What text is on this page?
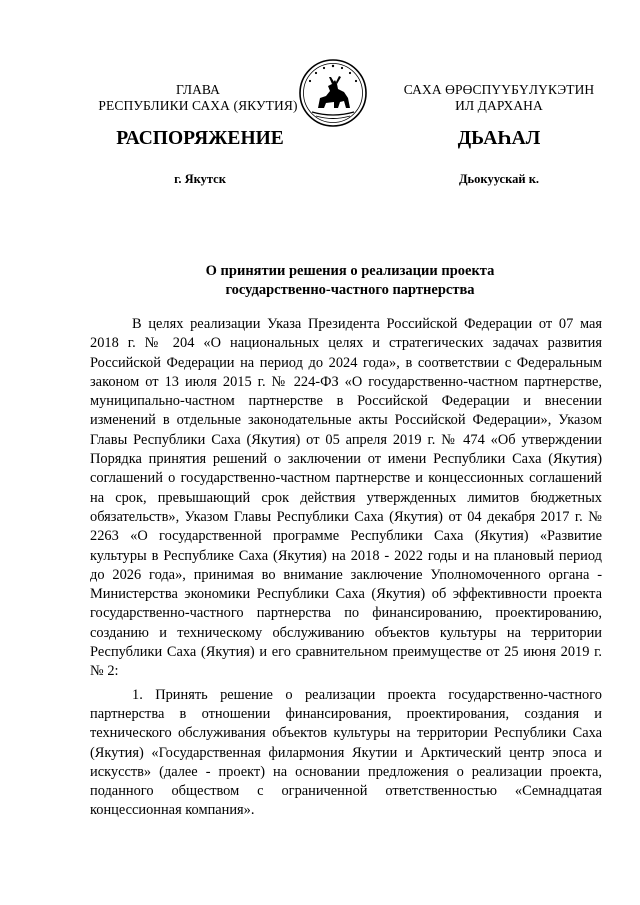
ГЛАВА
РЕСПУБЛИКИ САХА (ЯКУТИЯ)
САХА ӨРӨСПҮҮБҮЛҮКЭТИН
ИЛ ДАРХАНА
РАСПОРЯЖЕНИЕ	ДЬАҺАЛ
г. Якутск	Дьокуускай к.
О принятии решения о реализации проекта
государственно-частного партнерства

В целях реализации Указа Президента Российской Федерации от 07 мая 2018 г. № 204 «О национальных целях и стратегических задачах развития Российской Федерации на период до 2024 года», в соответствии с Федеральным законом от 13 июля 2015 г. № 224-ФЗ «О государственно-частном партнерстве, муниципально-частном партнерстве в Российской Федерации и внесении изменений в отдельные законодательные акты Российской Федерации», Указом Главы Республики Саха (Якутия) от 05 апреля 2019 г. № 474 «Об утверждении Порядка принятия решений о заключении от имени Республики Саха (Якутия) соглашений о государственно-частном партнерстве и концессионных соглашений на срок, превышающий срок действия утвержденных лимитов бюджетных обязательств», Указом Главы Республики Саха (Якутия) от 04 декабря 2017 г. № 2263 «О государственной программе Республики Саха (Якутия) «Развитие культуры в Республике Саха (Якутия) на 2018 - 2022 годы и на плановый период до 2026 года», принимая во внимание заключение Уполномоченного органа - Министерства экономики Республики Саха (Якутия) об эффективности проекта государственно-частного партнерства по финансированию, проектированию, созданию и техническому обслуживанию объектов культуры на территории Республики Саха (Якутия) и его сравнительном преимуществе от 25 июня 2019 г. № 2:

1. Принять решение о реализации проекта государственно-частного партнерства в отношении финансирования, проектирования, создания и технического обслуживания объектов культуры на территории Республики Саха (Якутия) «Государственная филармония Якутии и Арктический центр эпоса и искусств» (далее - проект) на основании предложения о реализации проекта, поданного обществом с ограниченной ответственностью «Семнадцатая концессионная компания».
